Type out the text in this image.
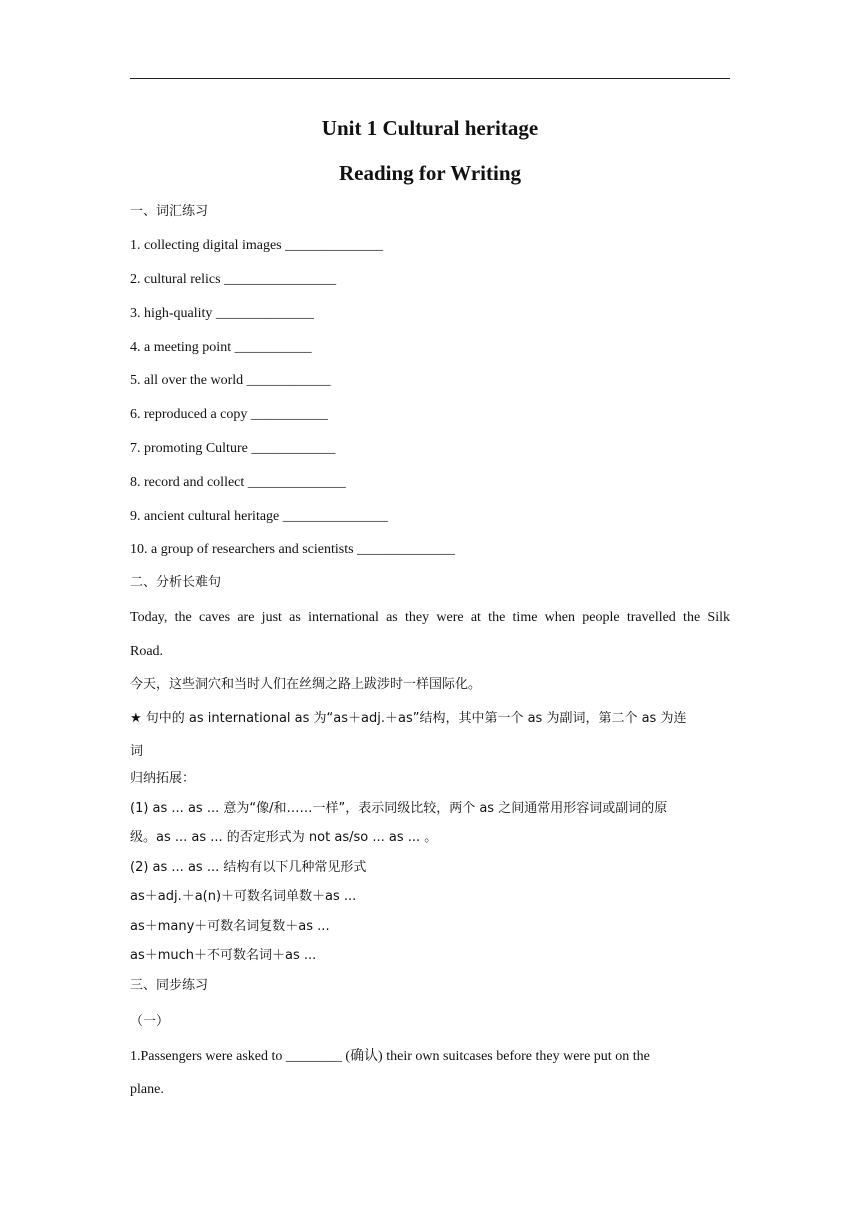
Unit 1 Cultural heritage
Reading for Writing
一、词汇练习
1. collecting digital images ______________
2. cultural relics ________________
3. high-quality ______________
4. a meeting point ___________
5. all over the world ____________
6. reproduced a copy ___________
7. promoting Culture ____________
8. record and collect ______________
9. ancient cultural heritage _______________
10. a group of researchers and scientists ______________
二、分析长难句
Today, the caves are just as international as they were at the time when people travelled the Silk
Road.
今天，这些洞穴和当时人们在丝绸之路上跋涉时一样国际化。
★ 句中的 as international as 为“as＋adj.＋as”结构，其中第一个 as 为副词，第二个 as 为连
词
归纳拓展：
(1) as ... as ... 意为“像/和……一样”，表示同级比较，两个 as 之间通常用形容词或副词的原
级。as ... as ... 的否定形式为 not as/so ... as ... 。
(2) as ... as ... 结构有以下几种常见形式
as＋adj.＋a(n)＋可数名词单数＋as ...
as＋many＋可数名词复数＋as ...
as＋much＋不可数名词＋as ...
三、同步练习
（一）
1.Passengers were asked to ________ (确认) their own suitcases before they were put on the
plane.
